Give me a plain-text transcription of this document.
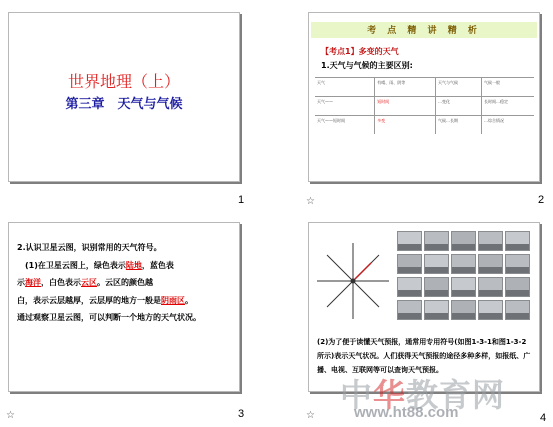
世界地理（上）
第三章　天气与气候
1
考 点 精 讲 精 析
【考点1】多变的天气
1.天气与气候的主要区别:
天气	有晴、雨、阴等	天气与气候	气候一般
天气——	短时间	…变化	长时间…稳定
天气——短时间	多变	气候…长期	…综合情况
☆	2
2.认识卫星云图，识别常用的天气符号。
(1)在卫星云图上，绿色表示陆地，蓝色表
示海洋，白色表示云区。云区的颜色越
白，表示云层越厚，云层厚的地方一般是阴雨区。
通过观察卫星云图，可以判断一个地方的天气状况。
☆	3
(2)为了便于读懂天气预报，通常用专用符号(如图1-3-1和图1-3-2所示)表示天气状况。人们获得天气预报的途径多种多样，如报纸、广播、电视、互联网等可以查询天气预报。
☆	4
中华教育网
www.ht88.com
